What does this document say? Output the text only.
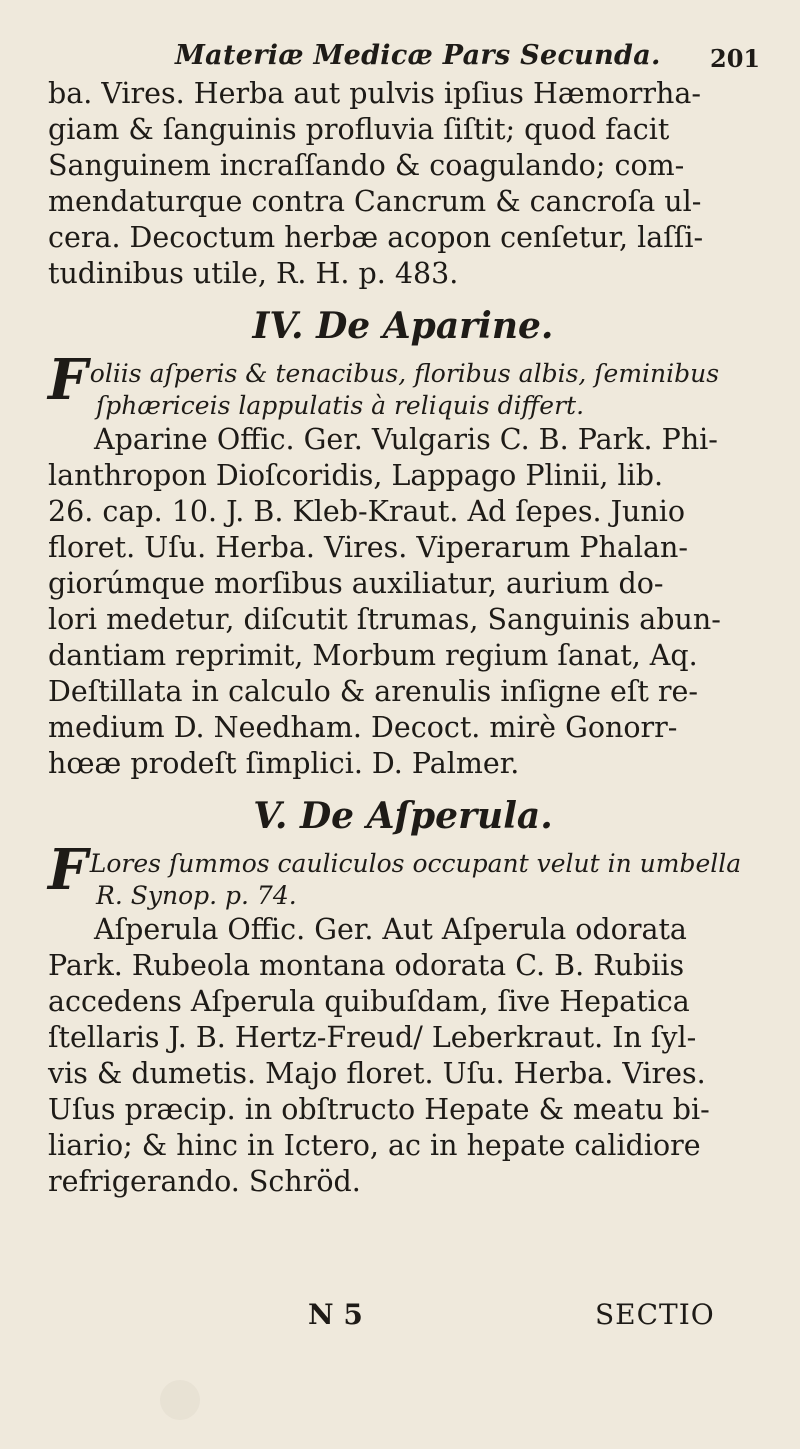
Materiæ Medicæ Pars Secunda. 201
ba. Vires. Herba aut pulvis ipſius Hæmorrha-
giam & ſanguinis profluvia ſiſtit; quod facit
Sanguinem incraſſando & coagulando; com-
mendaturque contra Cancrum & cancroſa ul-
cera. Decoctum herbæ acopon cenſetur, laſſi-
tudinibus utile, R. H. p. 483.
IV. De Aparine.
F oliis aſperis & tenacibus, floribus albis, ſeminibus
ſphæriceis lappulatis à reliquis differt.
Aparine Offic. Ger. Vulgaris C. B. Park. Phi-
lanthropon Dioſcoridis, Lappago Plinii, lib.
26. cap. 10. J. B. Kleb-Kraut. Ad ſepes. Junio
floret. Uſu. Herba. Vires. Viperarum Phalan-
giorúmque morſibus auxiliatur, aurium do-
lori medetur, diſcutit ſtrumas, Sanguinis abun-
dantiam reprimit, Morbum regium ſanat, Aq.
Deſtillata in calculo & arenulis inſigne eſt re-
medium D. Needham. Decoct. mirè Gonorr-
hœæ prodeſt ſimplici. D. Palmer.
V. De Aſperula.
F Lores ſummos cauliculos occupant velut in umbella
R. Synop. p. 74.
Aſperula Offic. Ger. Aut Aſperula odorata
Park. Rubeola montana odorata C. B. Rubiis
accedens Aſperula quibuſdam, ſive Hepatica
ſtellaris J. B. Hertz-Freud/ Leberkraut. In ſyl-
vis & dumetis. Majo floret. Uſu. Herba. Vires.
Uſus præcip. in obſtructo Hepate & meatu bi-
liario; & hinc in Ictero, ac in hepate calidiore
refrigerando. Schröd.
N 5	SECTIO
